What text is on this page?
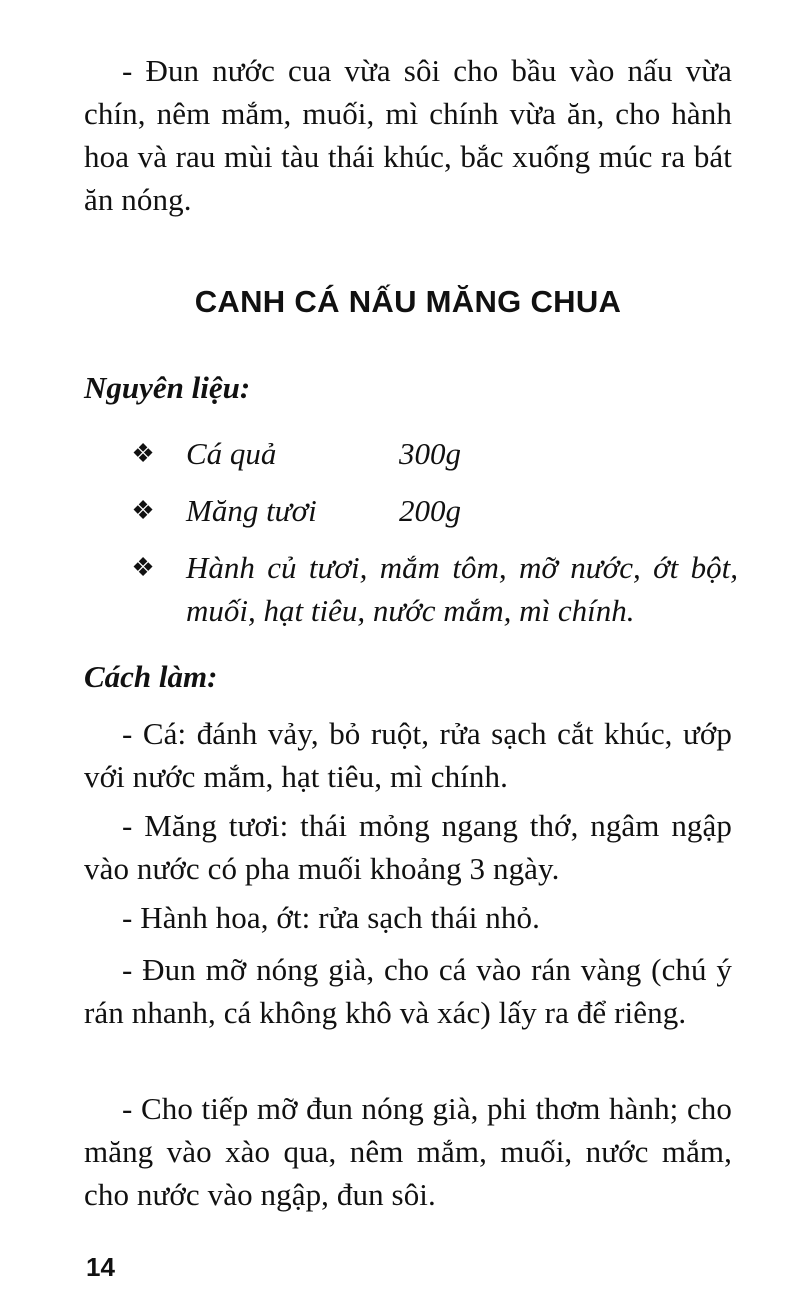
- Đun nước cua vừa sôi cho bầu vào nấu vừa chín, nêm mắm, muối, mì chính vừa ăn, cho hành hoa và rau mùi tàu thái khúc, bắc xuống múc ra bát ăn nóng.

CANH CÁ NẤU MĂNG CHUA

Nguyên liệu:

❖ Cá quả	300g
❖ Măng tươi	200g
❖ Hành củ tươi, mắm tôm, mỡ nước, ớt bột, muối, hạt tiêu, nước mắm, mì chính.

Cách làm:

- Cá: đánh vảy, bỏ ruột, rửa sạch cắt khúc, ướp với nước mắm, hạt tiêu, mì chính.

- Măng tươi: thái mỏng ngang thớ, ngâm ngập vào nước có pha muối khoảng 3 ngày.

- Hành hoa, ớt: rửa sạch thái nhỏ.

- Đun mỡ nóng già, cho cá vào rán vàng (chú ý rán nhanh, cá không khô và xác) lấy ra để riêng.

- Cho tiếp mỡ đun nóng già, phi thơm hành; cho măng vào xào qua, nêm mắm, muối, nước mắm, cho nước vào ngập, đun sôi.

14
